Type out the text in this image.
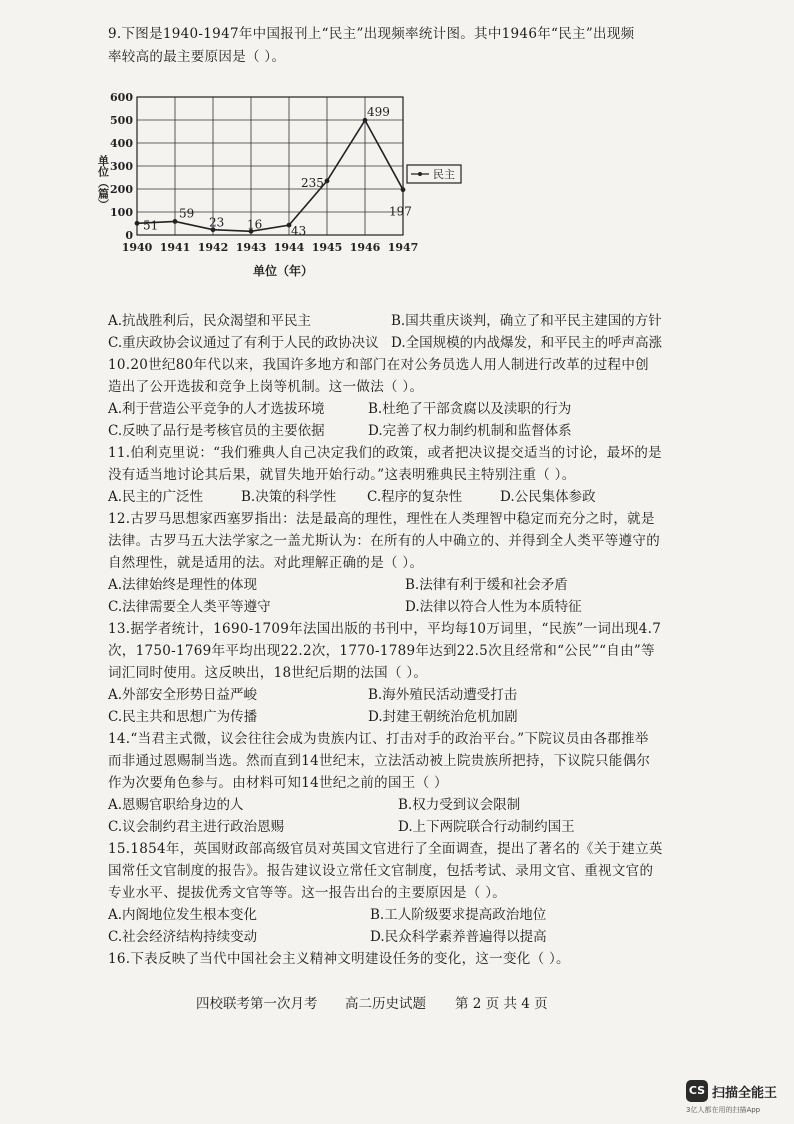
9.下图是1940-1947年中国报刊上“民主”出现频率统计图。其中1946年“民主”出现频
率较高的最主要原因是（ ）。
0
100
200
300
400
500
600
1940 1941 1942 1943 1944 1945 1946 1947
51
59
23 16 43
235
499
197
单位（篇）
单位（年）
民主
A.抗战胜利后，民众渴望和平民主	B.国共重庆谈判，确立了和平民主建国的方针
C.重庆政协会议通过了有利于人民的政协决议 D.全国规模的内战爆发，和平民主的呼声高涨
10.20世纪80年代以来，我国许多地方和部门在对公务员选人用人制进行改革的过程中创
造出了公开选拔和竞争上岗等机制。这一做法（ ）。
A.利于营造公平竞争的人才选拔环境	B.杜绝了干部贪腐以及渎职的行为
C.反映了品行是考核官员的主要依据	D.完善了权力制约机制和监督体系
11.伯利克里说：“我们雅典人自己决定我们的政策，或者把决议提交适当的讨论，最坏的是
没有适当地讨论其后果，就冒失地开始行动。”这表明雅典民主特别注重（ ）。
A.民主的广泛性	B.决策的科学性 C.程序的复杂性	D.公民集体参政
12.古罗马思想家西塞罗指出：法是最高的理性，理性在人类理智中稳定而充分之时，就是
法律。古罗马五大法学家之一盖尤斯认为：在所有的人中确立的、并得到全人类平等遵守的
自然理性，就是适用的法。对此理解正确的是（ ）。
A.法律始终是理性的体现	B.法律有利于缓和社会矛盾
C.法律需要全人类平等遵守	D.法律以符合人性为本质特征
13.据学者统计，1690-1709年法国出版的书刊中，平均每10万词里，“民族”一词出现4.7
次，1750-1769年平均出现22.2次，1770-1789年达到22.5次且经常和“公民”“自由”等
词汇同时使用。这反映出，18世纪后期的法国（ ）。
A.外部安全形势日益严峻	B.海外殖民活动遭受打击
C.民主共和思想广为传播	D.封建王朝统治危机加剧
14.“当君主式微，议会往往会成为贵族内讧、打击对手的政治平台。”下院议员由各郡推举
而非通过恩赐制当选。然而直到14世纪末，立法活动被上院贵族所把持，下议院只能偶尔
作为次要角色参与。由材料可知14世纪之前的国王（ ）
A.恩赐官职给身边的人	B.权力受到议会限制
C.议会制约君主进行政治恩赐	D.上下两院联合行动制约国王
15.1854年，英国财政部高级官员对英国文官进行了全面调查，提出了著名的《关于建立英
国常任文官制度的报告》。报告建议设立常任文官制度，包括考试、录用文官、重视文官的
专业水平、提拔优秀文官等等。这一报告出台的主要原因是（ ）。
A.内阁地位发生根本变化	B.工人阶级要求提高政治地位
C.社会经济结构持续变动	D.民众科学素养普遍得以提高
16.下表反映了当代中国社会主义精神文明建设任务的变化，这一变化（ ）。
四校联考第一次月考 高二历史试题 第 2 页 共 4 页
CS 扫描全能王
3亿人都在用的扫描App
